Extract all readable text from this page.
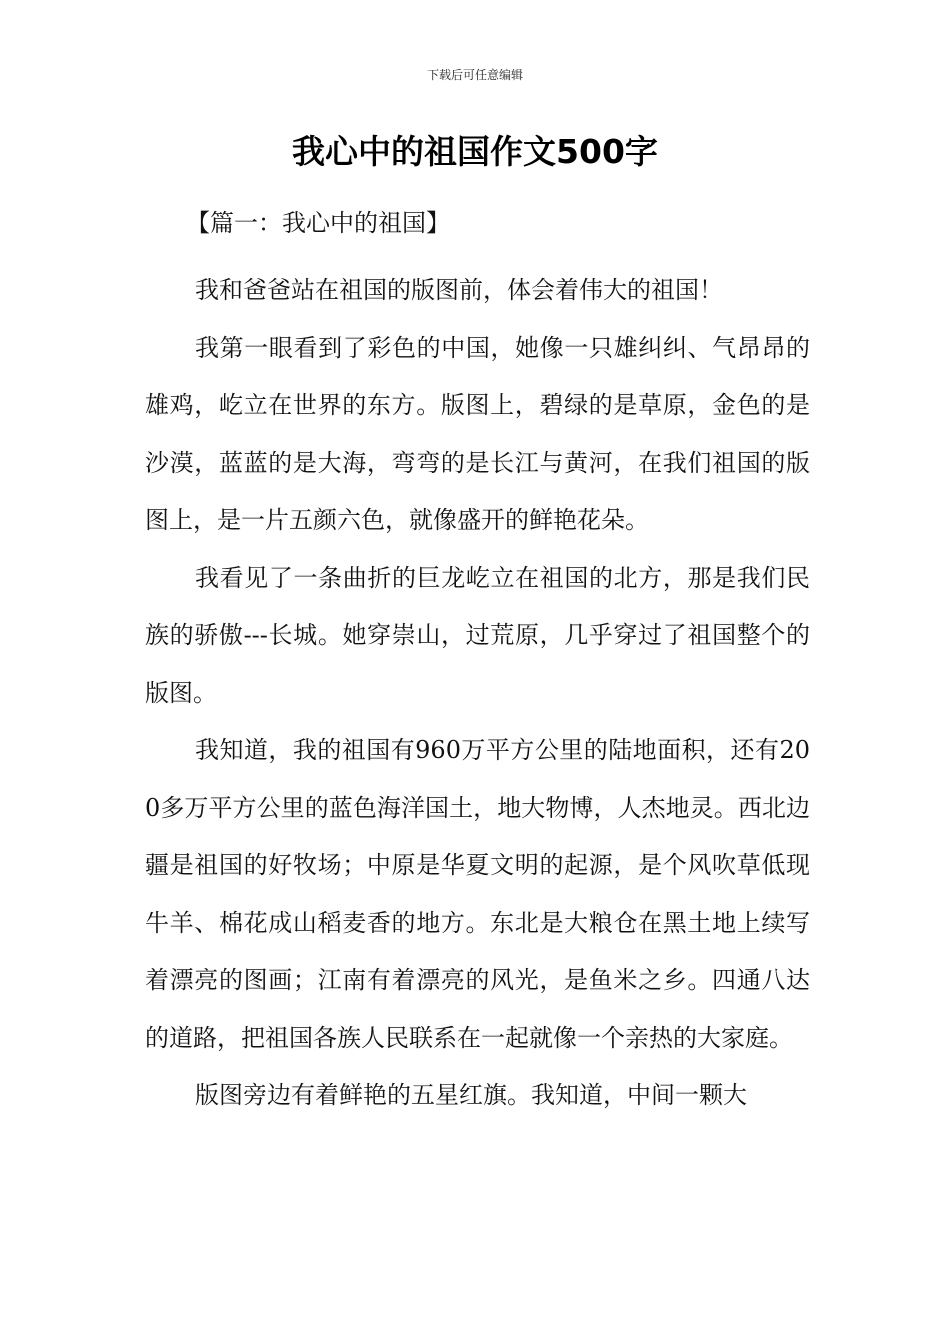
下载后可任意编辑
我心中的祖国作文500字
【篇一：我心中的祖国】

我和爸爸站在祖国的版图前，体会着伟大的祖国！

我第一眼看到了彩色的中国，她像一只雄纠纠、气昂昂的雄鸡，屹立在世界的东方。版图上，碧绿的是草原，金色的是沙漠，蓝蓝的是大海，弯弯的是长江与黄河，在我们祖国的版图上，是一片五颜六色，就像盛开的鲜艳花朵。

我看见了一条曲折的巨龙屹立在祖国的北方，那是我们民族的骄傲---长城。她穿崇山，过荒原，几乎穿过了祖国整个的版图。

我知道，我的祖国有960万平方公里的陆地面积，还有200多万平方公里的蓝色海洋国土，地大物博，人杰地灵。西北边疆是祖国的好牧场；中原是华夏文明的起源，是个风吹草低现牛羊、棉花成山稻麦香的地方。东北是大粮仓在黑土地上续写着漂亮的图画；江南有着漂亮的风光，是鱼米之乡。四通八达的道路，把祖国各族人民联系在一起就像一个亲热的大家庭。

版图旁边有着鲜艳的五星红旗。我知道，中间一颗大
